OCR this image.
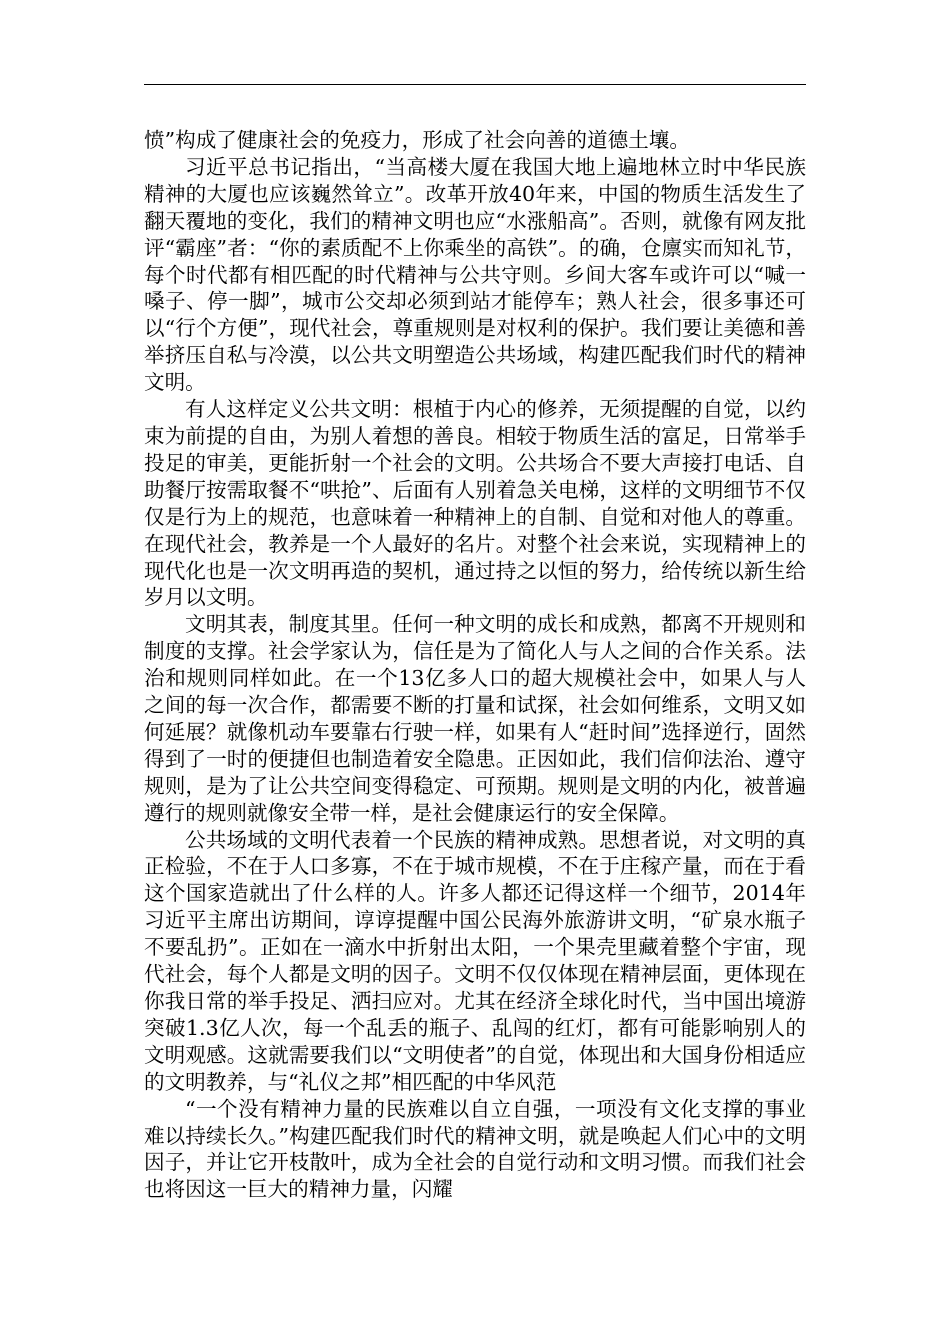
愤”构成了健康社会的免疫力，形成了社会向善的道德土壤。

习近平总书记指出，“当高楼大厦在我国大地上遍地林立时中华民族精神的大厦也应该巍然耸立”。改革开放40年来，中国的物质生活发生了翻天覆地的变化，我们的精神文明也应“水涨船高”。否则，就像有网友批评“霸座”者：“你的素质配不上你乘坐的高铁”。的确，仓廪实而知礼节，每个时代都有相匹配的时代精神与公共守则。乡间大客车或许可以“喊一嗓子、停一脚”，城市公交却必须到站才能停车；熟人社会，很多事还可以“行个方便”，现代社会，尊重规则是对权利的保护。我们要让美德和善举挤压自私与冷漠，以公共文明塑造公共场域，构建匹配我们时代的精神文明。

有人这样定义公共文明：根植于内心的修养，无须提醒的自觉，以约束为前提的自由，为别人着想的善良。相较于物质生活的富足，日常举手投足的审美，更能折射一个社会的文明。公共场合不要大声接打电话、自助餐厅按需取餐不“哄抢”、后面有人别着急关电梯，这样的文明细节不仅仅是行为上的规范，也意味着一种精神上的自制、自觉和对他人的尊重。在现代社会，教养是一个人最好的名片。对整个社会来说，实现精神上的现代化也是一次文明再造的契机，通过持之以恒的努力，给传统以新生给岁月以文明。

文明其表，制度其里。任何一种文明的成长和成熟，都离不开规则和制度的支撑。社会学家认为，信任是为了简化人与人之间的合作关系。法治和规则同样如此。在一个13亿多人口的超大规模社会中，如果人与人之间的每一次合作，都需要不断的打量和试探，社会如何维系，文明又如何延展？就像机动车要靠右行驶一样，如果有人“赶时间”选择逆行，固然得到了一时的便捷但也制造着安全隐患。正因如此，我们信仰法治、遵守规则，是为了让公共空间变得稳定、可预期。规则是文明的内化，被普遍遵行的规则就像安全带一样，是社会健康运行的安全保障。

公共场域的文明代表着一个民族的精神成熟。思想者说，对文明的真正检验，不在于人口多寡，不在于城市规模，不在于庄稼产量，而在于看这个国家造就出了什么样的人。许多人都还记得这样一个细节，2014年习近平主席出访期间，谆谆提醒中国公民海外旅游讲文明，“矿泉水瓶子不要乱扔”。正如在一滴水中折射出太阳，一个果壳里藏着整个宇宙，现代社会，每个人都是文明的因子。文明不仅仅体现在精神层面，更体现在你我日常的举手投足、洒扫应对。尤其在经济全球化时代，当中国出境游突破1.3亿人次，每一个乱丢的瓶子、乱闯的红灯，都有可能影响别人的文明观感。这就需要我们以“文明使者”的自觉，体现出和大国身份相适应的文明教养，与“礼仪之邦”相匹配的中华风范

“一个没有精神力量的民族难以自立自强，一项没有文化支撑的事业难以持续长久。”构建匹配我们时代的精神文明，就是唤起人们心中的文明因子，并让它开枝散叶，成为全社会的自觉行动和文明习惯。而我们社会也将因这一巨大的精神力量，闪耀
